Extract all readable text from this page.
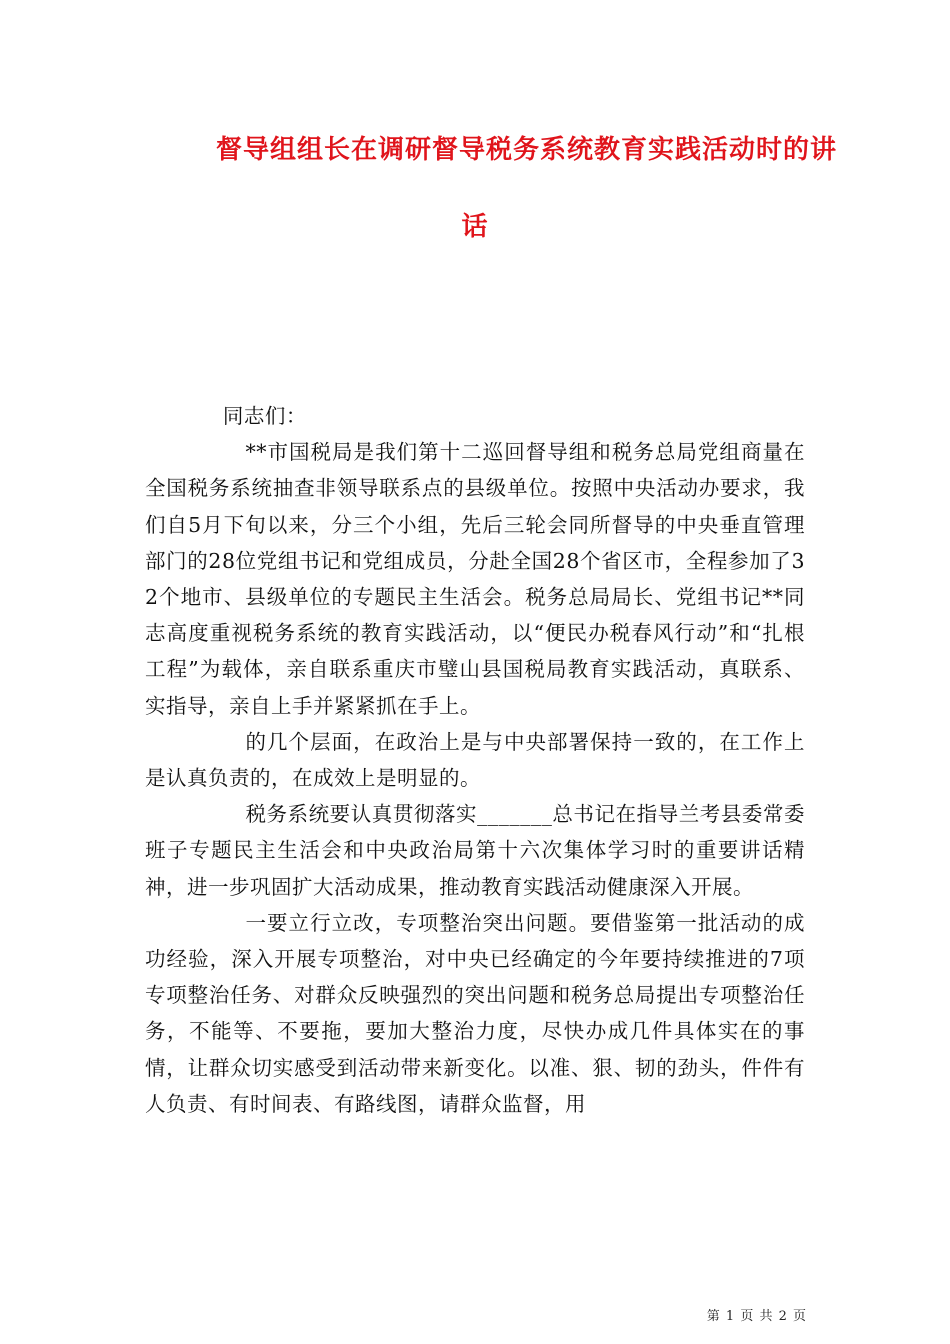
督导组组长在调研督导税务系统教育实践活动时的讲
话

同志们：

**市国税局是我们第十二巡回督导组和税务总局党组商量在全国税务系统抽查非领导联系点的县级单位。按照中央活动办要求，我们自5月下旬以来，分三个小组，先后三轮会同所督导的中央垂直管理部门的28位党组书记和党组成员，分赴全国28个省区市，全程参加了32个地市、县级单位的专题民主生活会。税务总局局长、党组书记**同志高度重视税务系统的教育实践活动，以“便民办税春风行动”和“扎根工程”为载体，亲自联系重庆市璧山县国税局教育实践活动，真联系、实指导，亲自上手并紧紧抓在手上。

的几个层面，在政治上是与中央部署保持一致的，在工作上是认真负责的，在成效上是明显的。

税务系统要认真贯彻落实_______总书记在指导兰考县委常委班子专题民主生活会和中央政治局第十六次集体学习时的重要讲话精神，进一步巩固扩大活动成果，推动教育实践活动健康深入开展。

一要立行立改，专项整治突出问题。要借鉴第一批活动的成功经验，深入开展专项整治，对中央已经确定的今年要持续推进的7项专项整治任务、对群众反映强烈的突出问题和税务总局提出专项整治任务，不能等、不要拖，要加大整治力度，尽快办成几件具体实在的事情，让群众切实感受到活动带来新变化。以准、狠、韧的劲头，件件有人负责、有时间表、有路线图，请群众监督，用

第 1 页 共 2 页
